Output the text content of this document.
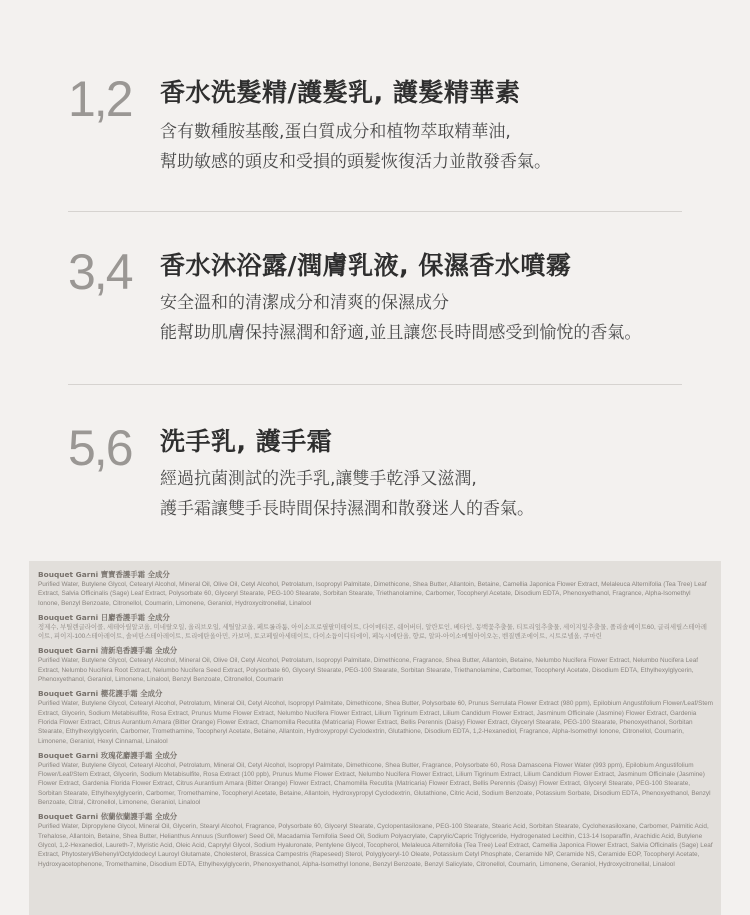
1,2 香水洗髮精/護髮乳, 護髮精華素
含有數種胺基酸,蛋白質成分和植物萃取精華油,
幫助敏感的頭皮和受損的頭髮恢復活力並散發香氣。
3,4 香水沐浴露/潤膚乳液, 保濕香水噴霧
安全溫和的清潔成分和清爽的保濕成分
能幫助肌膚保持濕潤和舒適,並且讓您長時間感受到愉悅的香氣。
5,6 洗手乳, 護手霜
經過抗菌測試的洗手乳,讓雙手乾淨又滋潤,
護手霜讓雙手長時間保持濕潤和散發迷人的香氣。
Bouquet Garni 寶寶香護手霜 全成分
Purified Water, Butylene Glycol, Cetearyl Alcohol, Mineral Oil, Olive Oil, Cetyl Alcohol, Petrolatum, Isopropyl Palmitate, Dimethicone, Shea Butter, Allantoin, Betaine, Camellia Japonica Flower Extract, Melaleuca Alternifolia (Tea Tree) Leaf Extract, Salvia Officinalis (Sage) Leaf Extract, Polysorbate 60, Glyceryl Stearate, PEG-100 Stearate, Sorbitan Stearate, Triethanolamine, Carbomer, Tocopheryl Acetate, Disodium EDTA, Phenoxyethanol, Fragrance, Alpha-Isomethyl Ionone, Benzyl Benzoate, Citronellol, Coumarin, Limonene, Geraniol, Hydroxycitronellal, Linalool
Bouquet Garni 日麝香護手霜 全成分
정제수, 부틸렌글라이콜, 세테아릴알코올, 미네랄오일, 올리브오일, 세틸알코올, 페트롤라툼, 아이소프로필팔미테이트, 다이메티콘, 쉐어버터, 알란토인, 베타인, 동백꽃추출물, 티트리잎추출물, 세이지잎추출물, 폴리솔베이트60, 글리세릴스테아레이트, 피이지-100스테아레이트, 솔비탄스테아레이트, 트리에탄올아민, 카보머, 토코페릴아세테이트, 다이소듐이디티에이, 페녹시에탄올, 향료, 알파-아이소메틸아이오논, 벤질벤조에이트, 시트로넬올, 쿠마린
Bouquet Garni 清新皂香護手霜 全成分
Purified Water, Butylene Glycol, Cetearyl Alcohol, Mineral Oil, Olive Oil, Cetyl Alcohol, Petrolatum, Isopropyl Palmitate, Dimethicone, Fragrance, Shea Butter, Allantoin, Betaine, Nelumbo Nucifera Flower Extract, Nelumbo Nucifera Leaf Extract, Nelumbo Nucifera Root Extract, Nelumbo Nucifera Seed Extract, Polysorbate 60, Glyceryl Stearate, PEG-100 Stearate, Sorbitan Stearate, Triethanolamine, Carbomer, Tocopheryl Acetate, Disodium EDTA, Ethylhexylglycerin, Phenoxyethanol, Geraniol, Limonene, Linalool, Benzyl Benzoate, Citronellol, Coumarin
Bouquet Garni 櫻花護手霜 全成分
Purified Water, Butylene Glycol, Cetearyl Alcohol, Petrolatum, Mineral Oil, Cetyl Alcohol, Isopropyl Palmitate, Dimethicone, Shea Butter, Polysorbate 60, Prunus Serrulata Flower Extract (980 ppm), Epilobium Angustifolium Flower/Leaf/Stem Extract, Glycerin, Sodium Metabisulfite, Rosa Extract, Prunus Mume Flower Extract, Nelumbo Nucifera Flower Extract, Lilium Tigrinum Extract, Lilium Candidum Flower Extract, Jasminum Officinale (Jasmine) Flower Extract, Gardenia Florida Flower Extract, Citrus Aurantium Amara (Bitter Orange) Flower Extract, Chamomilla Recutita (Matricaria) Flower Extract, Bellis Perennis (Daisy) Flower Extract, Glyceryl Stearate, PEG-100 Stearate, Phenoxyethanol, Sorbitan Stearate, Ethylhexylglycerin, Carbomer, Tromethamine, Tocopheryl Acetate, Betaine, Allantoin, Hydroxypropyl Cyclodextrin, Glutathione, Disodium EDTA, 1,2-Hexanediol, Fragrance, Alpha-Isomethyl Ionone, Citronellol, Coumarin, Limonene, Geraniol, Hexyl Cinnamal, Linalool
Bouquet Garni 玫瑰花麝護手霜 全成分
Purified Water, Butylene Glycol, Cetearyl Alcohol, Petrolatum, Mineral Oil, Cetyl Alcohol, Isopropyl Palmitate, Dimethicone, Shea Butter, Fragrance, Polysorbate 60, Rosa Damascena Flower Water (993 ppm), Epilobium Angustifolium Flower/Leaf/Stem Extract, Glycerin, Sodium Metabisulfite, Rosa Extract (100 ppb), Prunus Mume Flower Extract, Nelumbo Nucifera Flower Extract, Lilium Tigrinum Extract, Lilium Candidum Flower Extract, Jasminum Officinale (Jasmine) Flower Extract, Gardenia Florida Flower Extract, Citrus Aurantium Amara (Bitter Orange) Flower Extract, Chamomilla Recutita (Matricaria) Flower Extract, Bellis Perennis (Daisy) Flower Extract, Glyceryl Stearate, PEG-100 Stearate, Sorbitan Stearate, Ethylhexylglycerin, Carbomer, Tromethamine, Tocopheryl Acetate, Betaine, Allantoin, Hydroxypropyl Cyclodextrin, Glutathione, Citric Acid, Sodium Benzoate, Potassium Sorbate, Disodium EDTA, Phenoxyethanol, Benzyl Benzoate, Citral, Citronellol, Limonene, Geraniol, Linalool
Bouquet Garni 依蘭依蘭護手霜 全成分
Purified Water, Dipropylene Glycol, Mineral Oil, Glycerin, Stearyl Alcohol, Fragrance, Polysorbate 60, Glyceryl Stearate, Cyclopentasiloxane, PEG-100 Stearate, Stearic Acid, Sorbitan Stearate, Cyclohexasiloxane, Carbomer, Palmitic Acid, Trehalose, Allantoin, Betaine, Shea Butter, Helianthus Annuus (Sunflower) Seed Oil, Macadamia Ternifolia Seed Oil, Sodium Polyacrylate, Caprylic/Capric Triglyceride, Hydrogenated Lecithin, C13-14 Isoparaffin, Arachidic Acid, Butylene Glycol, 1,2-Hexanediol, Laureth-7, Myristic Acid, Oleic Acid, Caprylyl Glycol, Sodium Hyaluronate, Pentylene Glycol, Tocopherol, Melaleuca Alternifolia (Tea Tree) Leaf Extract, Camellia Japonica Flower Extract, Salvia Officinalis (Sage) Leaf Extract, Phytosteryl/Behenyl/Octyldodecyl Lauroyl Glutamate, Cholesterol, Brassica Campestris (Rapeseed) Sterol, Polyglyceryl-10 Oleate, Potassium Cetyl Phosphate, Ceramide NP, Ceramide NS, Ceramide EOP, Tocopheryl Acetate, Hydroxyacetophenone, Tromethamine, Disodium EDTA, Ethylhexylglycerin, Phenoxyethanol, Alpha-Isomethyl Ionone, Benzyl Benzoate, Benzyl Salicylate, Citronellol, Coumarin, Limonene, Geraniol, Hydroxycitronellal, Linalool
